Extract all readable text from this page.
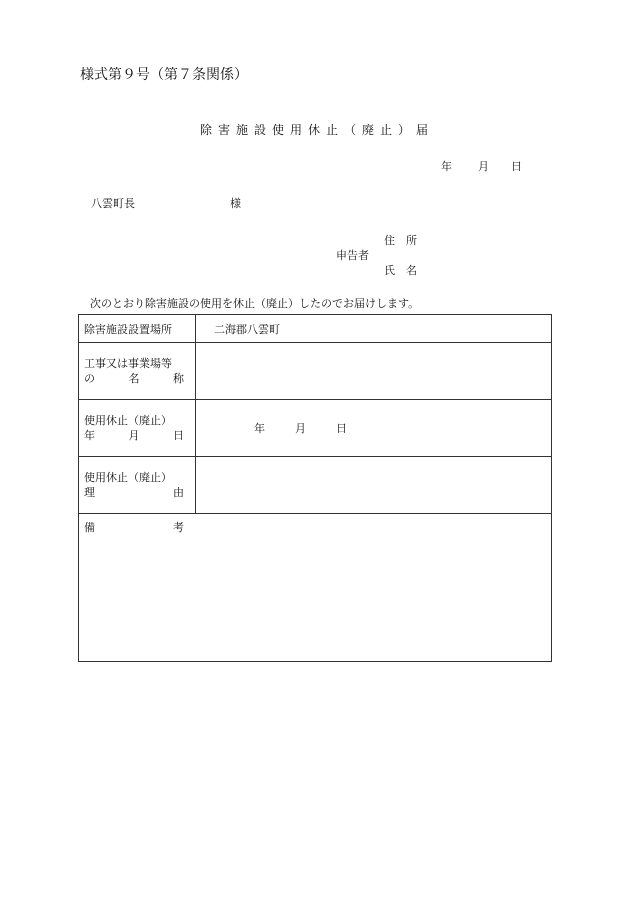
様式第９号（第７条関係）
除害施設使用休止（廃止）届
年 月 日
八雲町長	様
住 所
申告者
氏 名
次のとおり除害施設の使用を休止（廃止）したのでお届けします。
除害施設設置場所	二海郡八雲町

工事又は事業場等
の 名 称	

使用休止（廃止）
年 月 日	年 月 日

使用休止（廃止）
理 由	

備 考	
